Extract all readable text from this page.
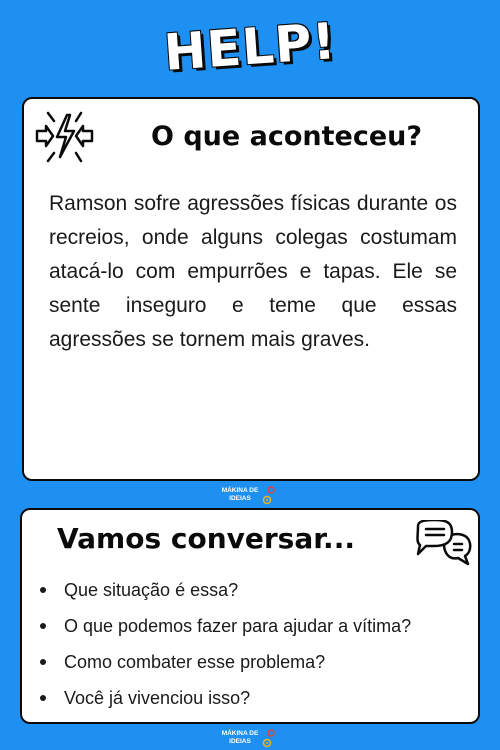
HELP!
O que aconteceu?
Ramson sofre agressões físicas durante os recreios, onde alguns colegas costumam atacá-lo com empurrões e tapas. Ele se sente inseguro e teme que essas agressões se tornem mais graves.
MÁKINA DE IDEIAS
Vamos conversar...
Que situação é essa?
O que podemos fazer para ajudar a vítima?
Como combater esse problema?
Você já vivenciou isso?
MÁKINA DE IDEIAS
